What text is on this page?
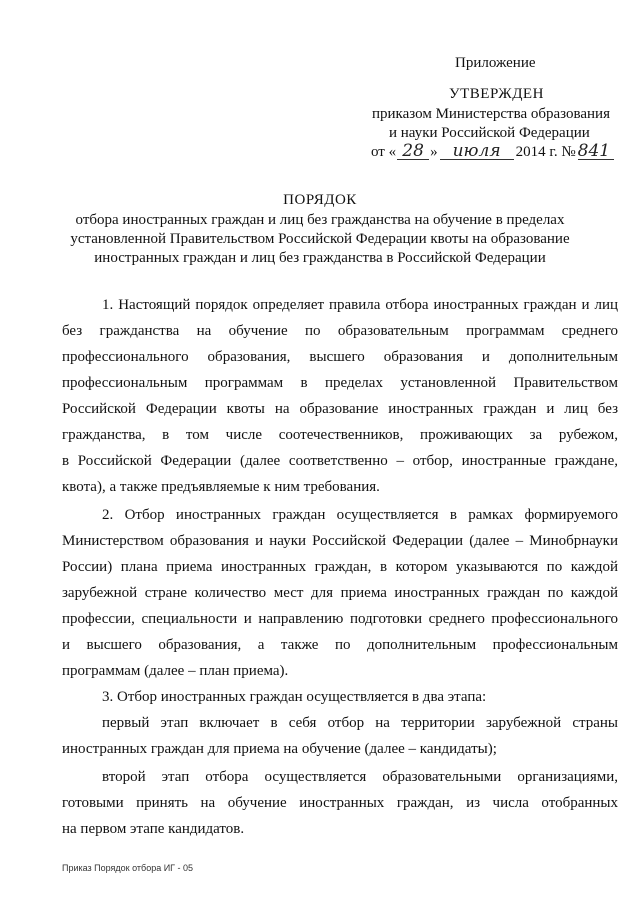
Приложение
УТВЕРЖДЕН
приказом Министерства образования
и науки Российской Федерации
от « 28 » июля 2014 г. № 841
ПОРЯДОК
отбора иностранных граждан и лиц без гражданства на обучение в пределах
установленной Правительством Российской Федерации квоты на образование
иностранных граждан и лиц без гражданства в Российской Федерации
1. Настоящий порядок определяет правила отбора иностранных граждан и лиц
без гражданства на обучение по образовательным программам среднего
профессионального образования, высшего образования и дополнительным
профессиональным программам в пределах установленной Правительством
Российской Федерации квоты на образование иностранных граждан и лиц без
гражданства, в том числе соотечественников, проживающих за рубежом,
в Российской Федерации (далее соответственно – отбор, иностранные граждане,
квота), а также предъявляемые к ним требования.
2. Отбор иностранных граждан осуществляется в рамках формируемого
Министерством образования и науки Российской Федерации (далее – Минобрнауки
России) плана приема иностранных граждан, в котором указываются по каждой
зарубежной стране количество мест для приема иностранных граждан по каждой
профессии, специальности и направлению подготовки среднего профессионального
и высшего образования, а также по дополнительным профессиональным
программам (далее – план приема).
3. Отбор иностранных граждан осуществляется в два этапа:
первый этап включает в себя отбор на территории зарубежной страны
иностранных граждан для приема на обучение (далее – кандидаты);
второй этап отбора осуществляется образовательными организациями,
готовыми принять на обучение иностранных граждан, из числа отобранных
на первом этапе кандидатов.
Приказ Порядок отбора ИГ - 05
